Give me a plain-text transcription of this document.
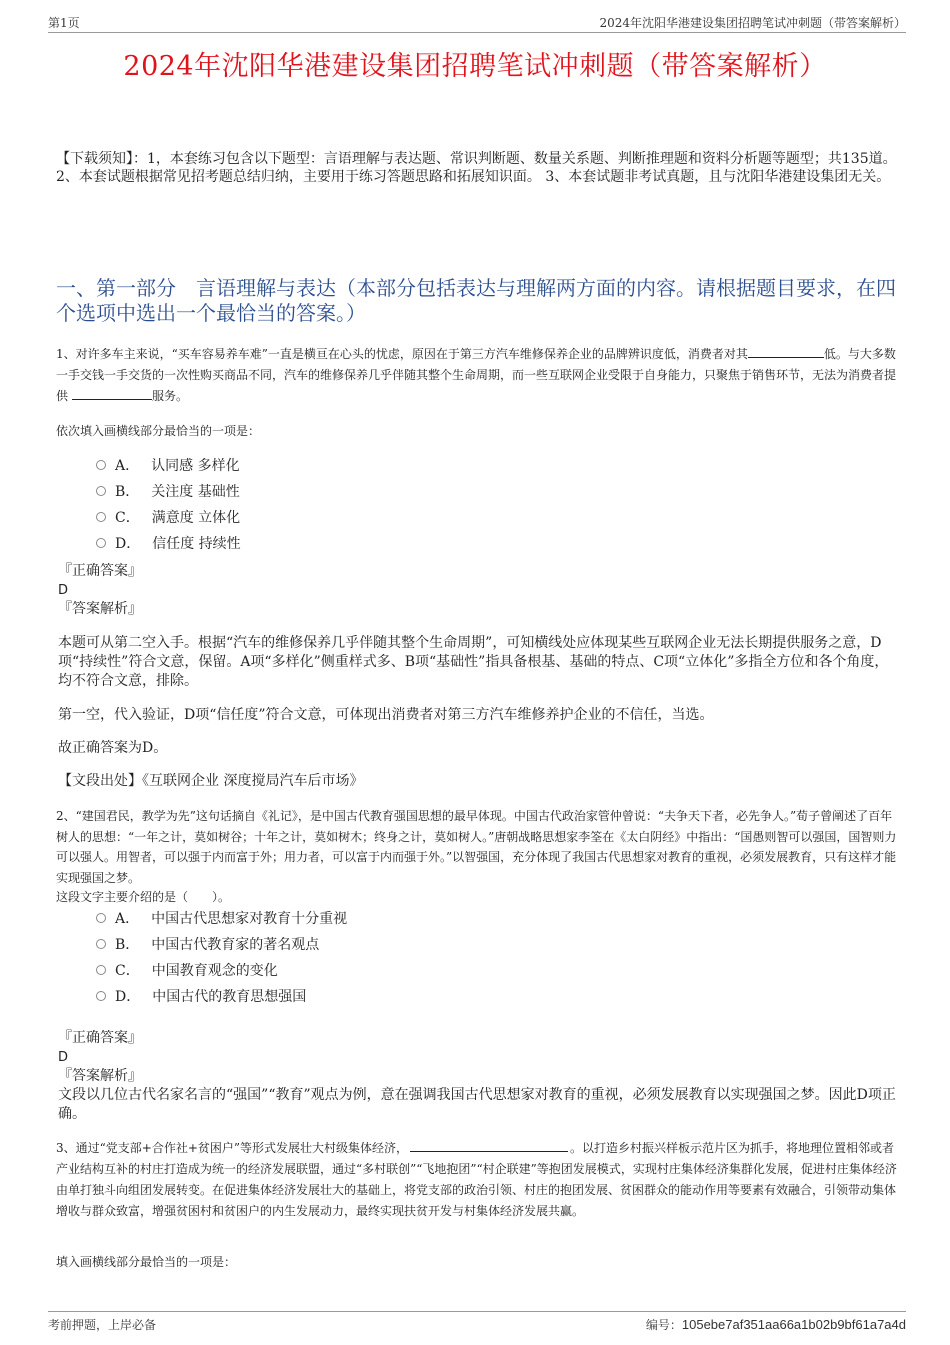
第1页	2024年沈阳华港建设集团招聘笔试冲刺题（带答案解析）
2024年沈阳华港建设集团招聘笔试冲刺题（带答案解析）
【下载须知】：1，本套练习包含以下题型：言语理解与表达题、常识判断题、数量关系题、判断推理题和资料分析题等题型；共135道。 2、本套试题根据常见招考题总结归纳，主要用于练习答题思路和拓展知识面。 3、本套试题非考试真题，且与沈阳华港建设集团无关。
一、第一部分　言语理解与表达（本部分包括表达与理解两方面的内容。请根据题目要求，在四个选项中选出一个最恰当的答案。）
1、对许多车主来说，“买车容易养车难”一直是横亘在心头的忧虑，原因在于第三方汽车维修保养企业的品牌辨识度低，消费者对其	低。与大多数一手交钱一手交货的一次性购买商品不同，汽车的维修保养几乎伴随其整个生命周期，而一些互联网企业受限于自身能力，只聚焦于销售环节，无法为消费者提供	服务。
依次填入画横线部分最恰当的一项是：
A． 认同感 多样化
B． 关注度 基础性
C． 满意度 立体化
D． 信任度 持续性
『正确答案』
D
『答案解析』
本题可从第二空入手。根据“汽车的维修保养几乎伴随其整个生命周期”，可知横线处应体现某些互联网企业无法长期提供服务之意，D项“持续性”符合文意，保留。A项“多样化”侧重样式多、B项“基础性”指具备根基、基础的特点、C项“立体化”多指全方位和各个角度，均不符合文意，排除。
第一空，代入验证，D项“信任度”符合文意，可体现出消费者对第三方汽车维修养护企业的不信任，当选。
故正确答案为D。
【文段出处】《互联网企业 深度搅局汽车后市场》
2、“建国君民，教学为先”这句话摘自《礼记》，是中国古代教育强国思想的最早体现。中国古代政治家管仲曾说：“夫争天下者，必先争人。”荀子曾阐述了百年树人的思想：“一年之计，莫如树谷；十年之计，莫如树木；终身之计，莫如树人。”唐朝战略思想家李筌在《太白阴经》中指出：“国愚则智可以强国，国智则力可以强人。用智者，可以强于内而富于外；用力者，可以富于内而强于外。”以智强国，充分体现了我国古代思想家对教育的重视，必须发展教育，只有这样才能实现强国之梦。
这段文字主要介绍的是（　　）。
A． 中国古代思想家对教育十分重视
B． 中国古代教育家的著名观点
C． 中国教育观念的变化
D． 中国古代的教育思想强国
『正确答案』
D
『答案解析』
文段以几位古代名家名言的“强国”“教育”观点为例，意在强调我国古代思想家对教育的重视，必须发展教育以实现强国之梦。因此D项正确。
3、通过“党支部+合作社+贫困户”等形式发展壮大村级集体经济，	。以打造乡村振兴样板示范片区为抓手，将地理位置相邻或者产业结构互补的村庄打造成为统一的经济发展联盟，通过“多村联创”“飞地抱团”“村企联建”等抱团发展模式，实现村庄集体经济集群化发展，促进村庄集体经济由单打独斗向组团发展转变。在促进集体经济发展壮大的基础上，将党支部的政治引领、村庄的抱团发展、贫困群众的能动作用等要素有效融合，引领带动集体增收与群众致富，增强贫困村和贫困户的内生发展动力，最终实现扶贫开发与村集体经济发展共赢。
填入画横线部分最恰当的一项是：
考前押题，上岸必备	编号：105ebe7af351aa66a1b02b9bf61a7a4d
